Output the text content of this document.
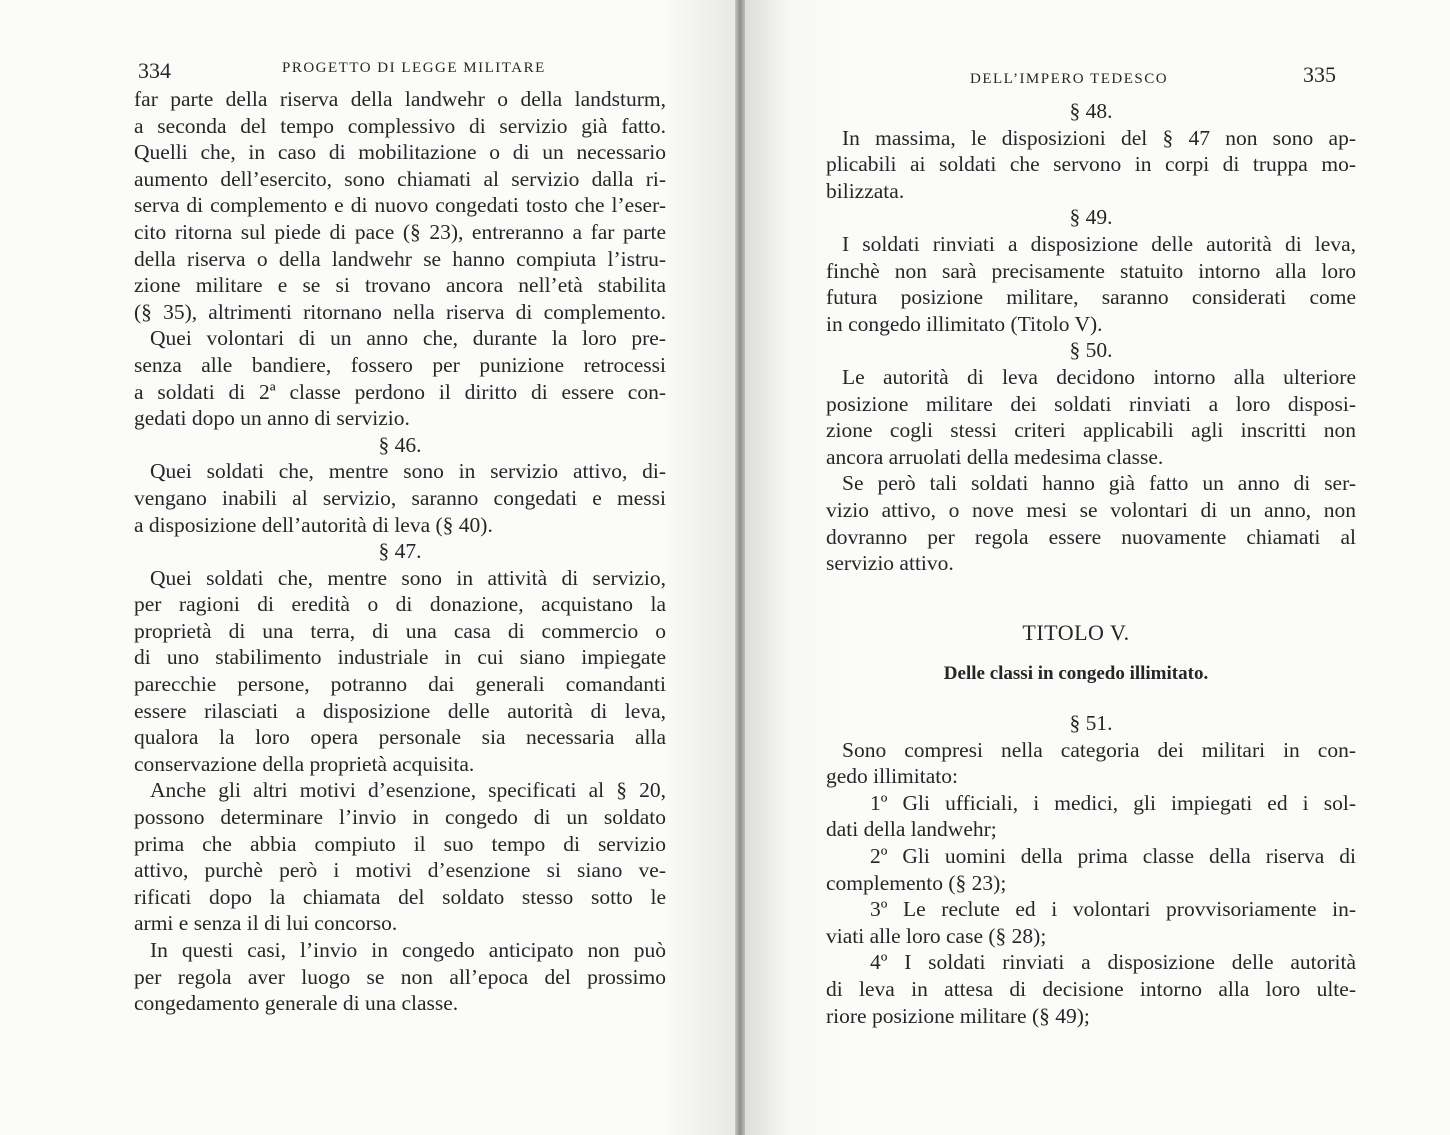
334	PROGETTO DI LEGGE MILITARE
far parte della riserva della landwehr o della landsturm,
a seconda del tempo complessivo di servizio già fatto.
Quelli che, in caso di mobilitazione o di un necessario
aumento dell’esercito, sono chiamati al servizio dalla ri-
serva di complemento e di nuovo congedati tosto che l’eser-
cito ritorna sul piede di pace (§ 23), entreranno a far parte
della riserva o della landwehr se hanno compiuta l’istru-
zione militare e se si trovano ancora nell’età stabilita
(§ 35), altrimenti ritornano nella riserva di complemento.
Quei volontari di un anno che, durante la loro pre-
senza alle bandiere, fossero per punizione retrocessi
a soldati di 2ª classe perdono il diritto di essere con-
gedati dopo un anno di servizio.
§ 46.
Quei soldati che, mentre sono in servizio attivo, di-
vengano inabili al servizio, saranno congedati e messi
a disposizione dell’autorità di leva (§ 40).
§ 47.
Quei soldati che, mentre sono in attività di servizio,
per ragioni di eredità o di donazione, acquistano la
proprietà di una terra, di una casa di commercio o
di uno stabilimento industriale in cui siano impiegate
parecchie persone, potranno dai generali comandanti
essere rilasciati a disposizione delle autorità di leva,
qualora la loro opera personale sia necessaria alla
conservazione della proprietà acquisita.
Anche gli altri motivi d’esenzione, specificati al § 20,
possono determinare l’invio in congedo di un soldato
prima che abbia compiuto il suo tempo di servizio
attivo, purchè però i motivi d’esenzione si siano ve-
rificati dopo la chiamata del soldato stesso sotto le
armi e senza il di lui concorso.
In questi casi, l’invio in congedo anticipato non può
per regola aver luogo se non all’epoca del prossimo
congedamento generale di una classe.
DELL’IMPERO TEDESCO	335
§ 48.
In massima, le disposizioni del § 47 non sono ap-
plicabili ai soldati che servono in corpi di truppa mo-
bilizzata.
§ 49.
I soldati rinviati a disposizione delle autorità di leva,
finchè non sarà precisamente statuito intorno alla loro
futura posizione militare, saranno considerati come
in congedo illimitato (Titolo V).
§ 50.
Le autorità di leva decidono intorno alla ulteriore
posizione militare dei soldati rinviati a loro disposi-
zione cogli stessi criteri applicabili agli inscritti non
ancora arruolati della medesima classe.
Se però tali soldati hanno già fatto un anno di ser-
vizio attivo, o nove mesi se volontari di un anno, non
dovranno per regola essere nuovamente chiamati al
servizio attivo.
TITOLO V.
Delle classi in congedo illimitato.
§ 51.
Sono compresi nella categoria dei militari in con-
gedo illimitato:
1º Gli ufficiali, i medici, gli impiegati ed i sol-
dati della landwehr;
2º Gli uomini della prima classe della riserva di
complemento (§ 23);
3º Le reclute ed i volontari provvisoriamente in-
viati alle loro case (§ 28);
4º I soldati rinviati a disposizione delle autorità
di leva in attesa di decisione intorno alla loro ulte-
riore posizione militare (§ 49);
